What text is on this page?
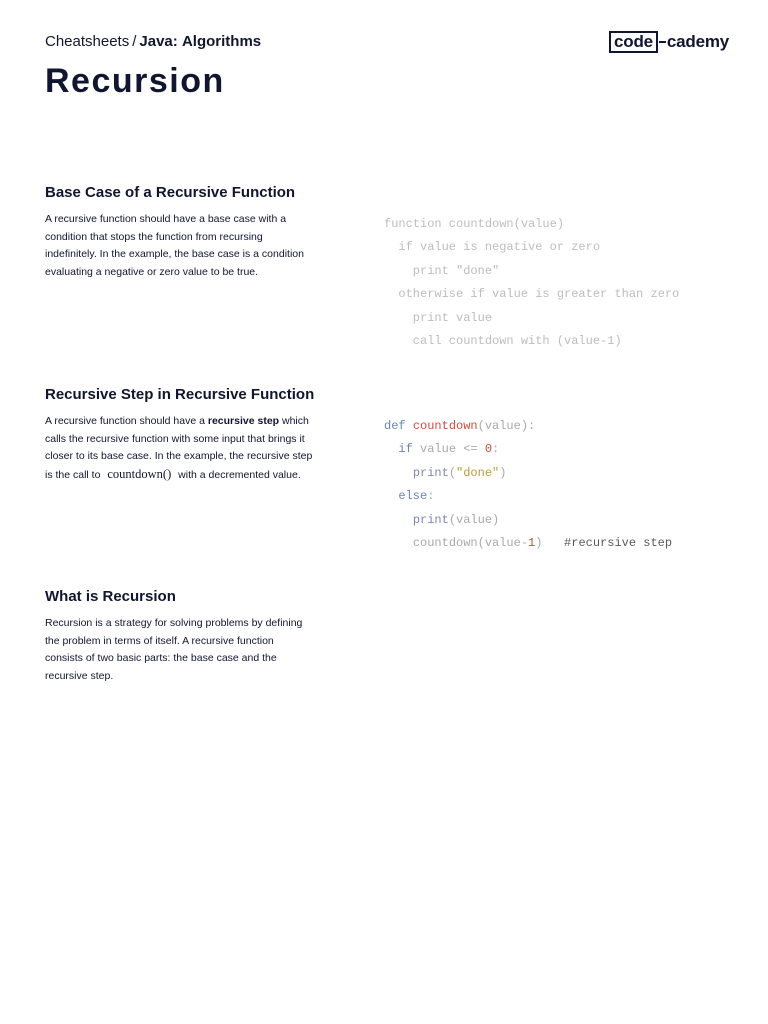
Cheatsheets / Java: Algorithms	code cademy
Recursion
Base Case of a Recursive Function
A recursive function should have a base case with a
condition that stops the function from recursing
indefinitely. In the example, the base case is a condition
evaluating a negative or zero value to be true.
function countdown(value)
if value is negative or zero
print "done"
otherwise if value is greater than zero
print value
call countdown with (value-1)
Recursive Step in Recursive Function
A recursive function should have a recursive step which
calls the recursive function with some input that brings it
closer to its base case. In the example, the recursive step
is the call to countdown() with a decremented value.
def countdown(value):
if value <= 0:
print("done")
else:
print(value)
countdown(value-1) #recursive step
What is Recursion
Recursion is a strategy for solving problems by defining
the problem in terms of itself. A recursive function
consists of two basic parts: the base case and the
recursive step.
